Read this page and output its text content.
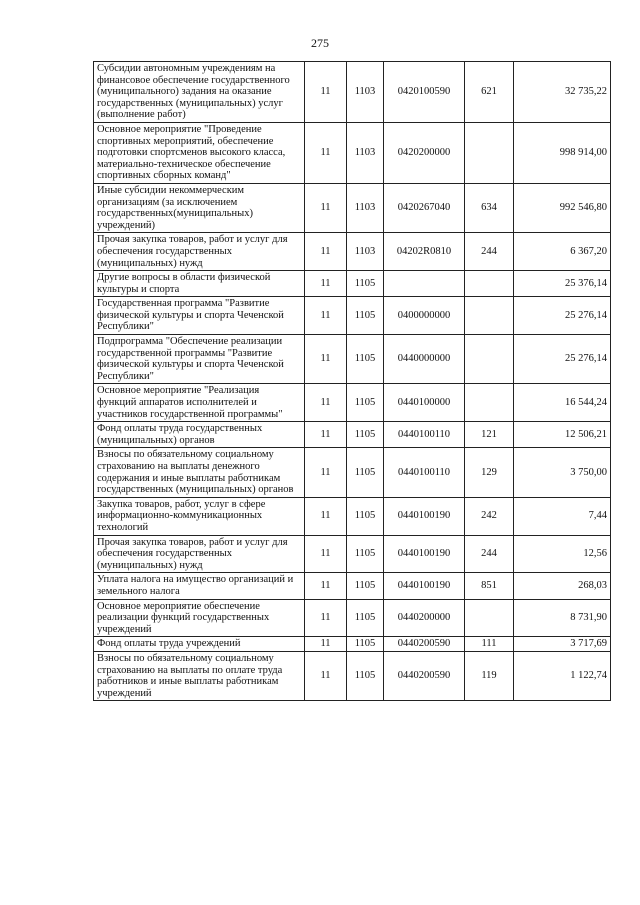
275
Субсидии автономным учреждениям на финансовое обеспечение государственного (муниципального) задания на оказание государственных (муниципальных) услуг (выполнение работ)	11	1103	0420100590	621	32 735,22
Основное мероприятие "Проведение спортивных мероприятий, обеспечение подготовки спортсменов высокого класса, материально-техническое обеспечение спортивных сборных команд"	11	1103	0420200000		998 914,00
Иные субсидии некоммерческим организациям (за исключением государственных(муниципальных) учреждений)	11	1103	0420267040	634	992 546,80
Прочая закупка товаров, работ и услуг для обеспечения государственных (муниципальных) нужд	11	1103	04202R0810	244	6 367,20
Другие вопросы в области физической культуры и спорта	11	1105			25 376,14
Государственная программа "Развитие физической культуры и спорта Чеченской Республики"	11	1105	0400000000		25 276,14
Подпрограмма "Обеспечение реализации государственной программы "Развитие физической культуры и спорта Чеченской Республики"	11	1105	0440000000		25 276,14
Основное мероприятие "Реализация функций аппаратов исполнителей и участников государственной программы"	11	1105	0440100000		16 544,24
Фонд оплаты труда государственных (муниципальных) органов	11	1105	0440100110	121	12 506,21
Взносы по обязательному социальному страхованию на выплаты денежного содержания и иные выплаты работникам государственных (муниципальных) органов	11	1105	0440100110	129	3 750,00
Закупка товаров, работ, услуг в сфере информационно-коммуникационных технологий	11	1105	0440100190	242	7,44
Прочая закупка товаров, работ и услуг для обеспечения государственных (муниципальных) нужд	11	1105	0440100190	244	12,56
Уплата налога на имущество организаций и земельного налога	11	1105	0440100190	851	268,03
Основное мероприятие обеспечение реализации функций государственных учреждений	11	1105	0440200000		8 731,90
Фонд оплаты труда учреждений	11	1105	0440200590	111	3 717,69
Взносы по обязательному социальному страхованию на выплаты по оплате труда работников и иные выплаты работникам учреждений	11	1105	0440200590	119	1 122,74
